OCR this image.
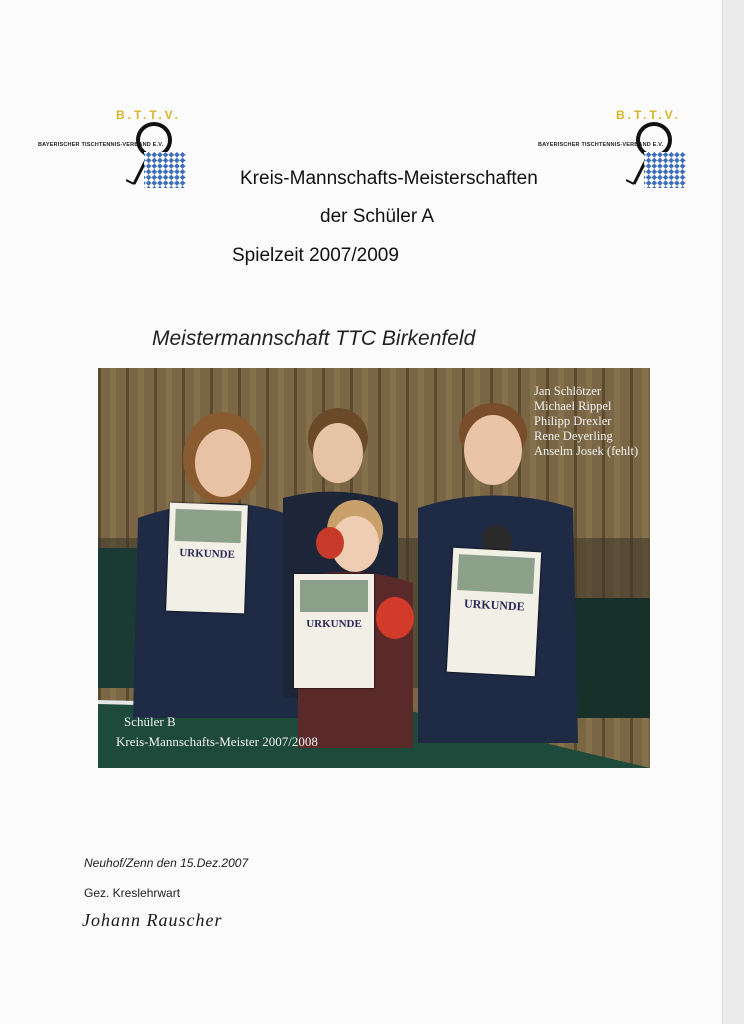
B.T.T.V.
BAYERISCHER TISCHTENNIS-VERBAND E.V.
B.T.T.V.
BAYERISCHER TISCHTENNIS-VERBAND E.V.
Kreis-Mannschafts-Meisterschaften
der Schüler A
Spielzeit 2007/2009
Meistermannschaft TTC Birkenfeld
URKUNDE
URKUNDE
URKUNDE
Jan Schlötzer
Michael Rippel
Philipp Drexler
Rene Deyerling
Anselm Josek (fehlt)
Schüler B
Kreis-Mannschafts-Meister 2007/2008
Neuhof/Zenn den 15.Dez.2007
Gez. Kreslehrwart
Johann Rauscher
